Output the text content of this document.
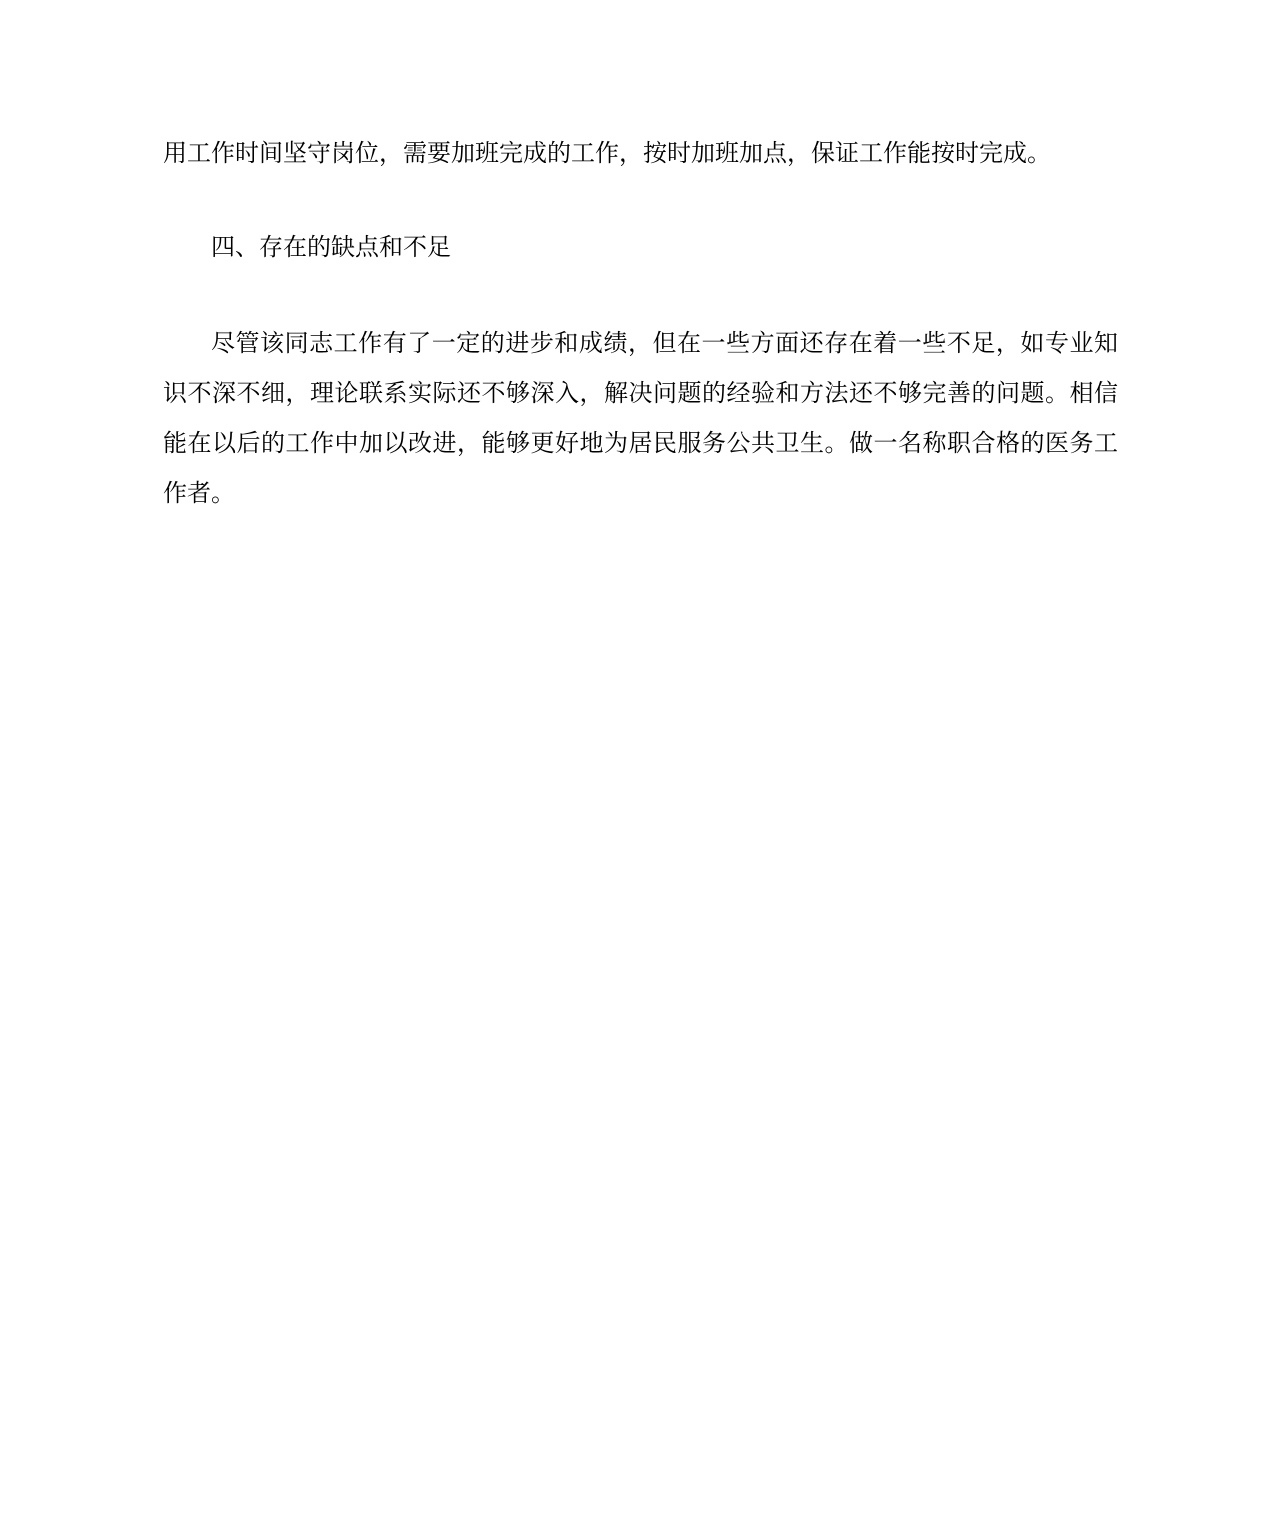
用工作时间坚守岗位，需要加班完成的工作，按时加班加点，保证工作能按时完成。

四、存在的缺点和不足

尽管该同志工作有了一定的进步和成绩，但在一些方面还存在着一些不足，如专业知识不深不细，理论联系实际还不够深入，解决问题的经验和方法还不够完善的问题。相信能在以后的工作中加以改进，能够更好地为居民服务公共卫生。做一名称职合格的医务工作者。
